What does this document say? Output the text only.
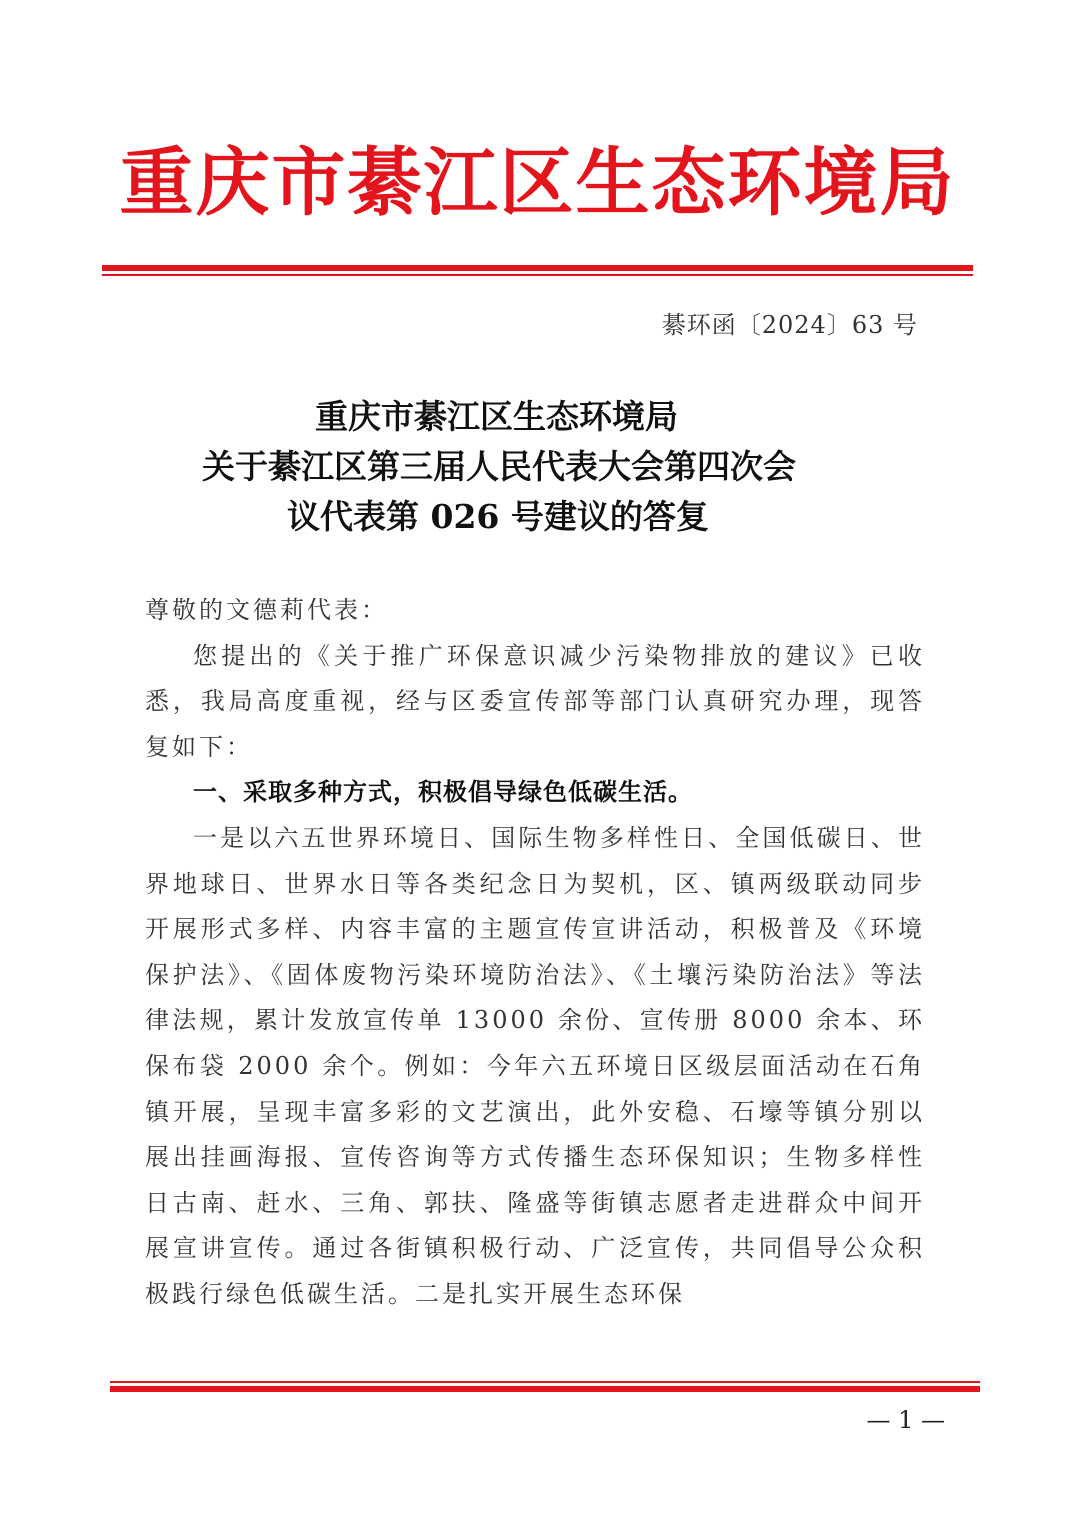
重庆市綦江区生态环境局
綦环函〔2024〕63 号
重庆市綦江区生态环境局
关于綦江区第三届人民代表大会第四次会
议代表第 026 号建议的答复

尊敬的文德莉代表：

您提出的《关于推广环保意识减少污染物排放的建议》已收悉，我局高度重视，经与区委宣传部等部门认真研究办理，现答复如下：

一、采取多种方式，积极倡导绿色低碳生活。

一是以六五世界环境日、国际生物多样性日、全国低碳日、世界地球日、世界水日等各类纪念日为契机，区、镇两级联动同步开展形式多样、内容丰富的主题宣传宣讲活动，积极普及《环境保护法》、《固体废物污染环境防治法》、《土壤污染防治法》等法律法规，累计发放宣传单 13000 余份、宣传册 8000 余本、环保布袋 2000 余个。例如：今年六五环境日区级层面活动在石角镇开展，呈现丰富多彩的文艺演出，此外安稳、石壕等镇分别以展出挂画海报、宣传咨询等方式传播生态环保知识；生物多样性日古南、赶水、三角、郭扶、隆盛等街镇志愿者走进群众中间开展宣讲宣传。通过各街镇积极行动、广泛宣传，共同倡导公众积极践行绿色低碳生活。二是扎实开展生态环保

— 1 —
